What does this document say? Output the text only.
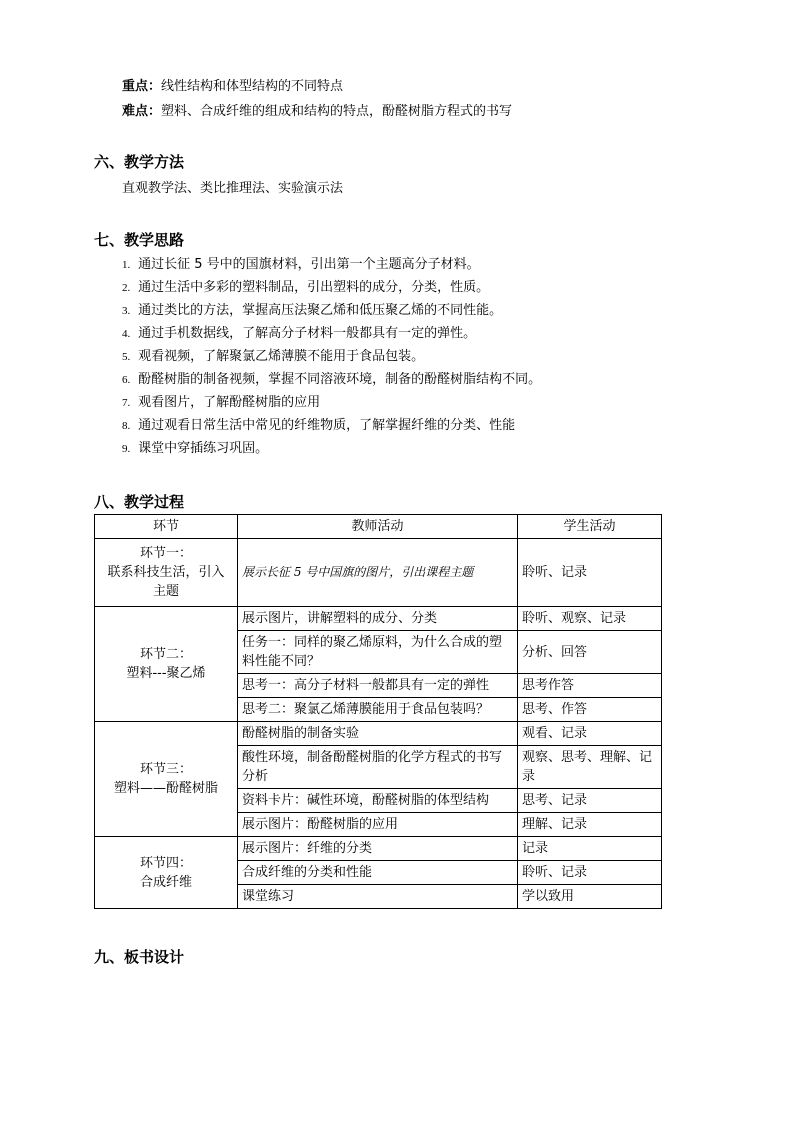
重点：线性结构和体型结构的不同特点
难点：塑料、合成纤维的组成和结构的特点，酚醛树脂方程式的书写
六、教学方法
直观教学法、类比推理法、实验演示法
七、教学思路
1. 通过长征 5 号中的国旗材料，引出第一个主题高分子材料。
2. 通过生活中多彩的塑料制品，引出塑料的成分，分类，性质。
3. 通过类比的方法，掌握高压法聚乙烯和低压聚乙烯的不同性能。
4. 通过手机数据线，了解高分子材料一般都具有一定的弹性。
5. 观看视频，了解聚氯乙烯薄膜不能用于食品包装。
6. 酚醛树脂的制备视频，掌握不同溶液环境，制备的酚醛树脂结构不同。
7. 观看图片，了解酚醛树脂的应用
8. 通过观看日常生活中常见的纤维物质，了解掌握纤维的分类、性能
9. 课堂中穿插练习巩固。
八、教学过程
环节	教师活动	学生活动

环节一：
联系科技生活，引入
主题	展示长征 5 号中国旗的图片，引出课程主题	聆听、记录

环节二：
塑料---聚乙烯	展示图片，讲解塑料的成分、分类	聆听、观察、记录
	任务一：同样的聚乙烯原料，为什么合成的塑料性能不同？	分析、回答
	思考一：高分子材料一般都具有一定的弹性	思考作答
	思考二：聚氯乙烯薄膜能用于食品包装吗？	思考、作答

环节三：
塑料——酚醛树脂	酚醛树脂的制备实验	观看、记录
	酸性环境，制备酚醛树脂的化学方程式的书写分析	观察、思考、理解、记录
	资料卡片：碱性环境，酚醛树脂的体型结构	思考、记录
	展示图片：酚醛树脂的应用	理解、记录

环节四：
合成纤维	展示图片：纤维的分类	记录
	合成纤维的分类和性能	聆听、记录
	课堂练习	学以致用
九、板书设计
